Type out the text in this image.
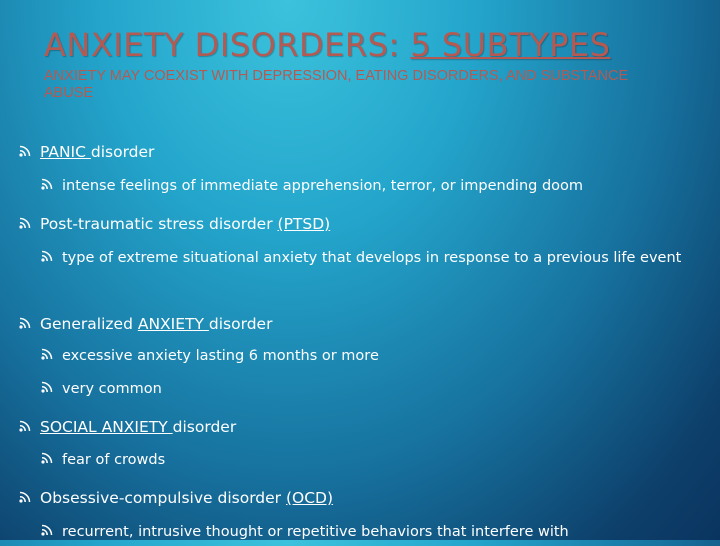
ANXIETY DISORDERS: 5 SUBTYPES

ANXIETY MAY COEXIST WITH DEPRESSION, EATING DISORDERS, AND SUBSTANCE ABUSE

PANIC disorder
intense feelings of immediate apprehension, terror, or impending doom
Post-traumatic stress disorder (PTSD)
type of extreme situational anxiety that develops in response to a previous life event
Generalized ANXIETY disorder
excessive anxiety lasting 6 months or more
very common
SOCIAL ANXIETY disorder
fear of crowds
Obsessive-compulsive disorder (OCD)
recurrent, intrusive thought or repetitive behaviors that interfere with
